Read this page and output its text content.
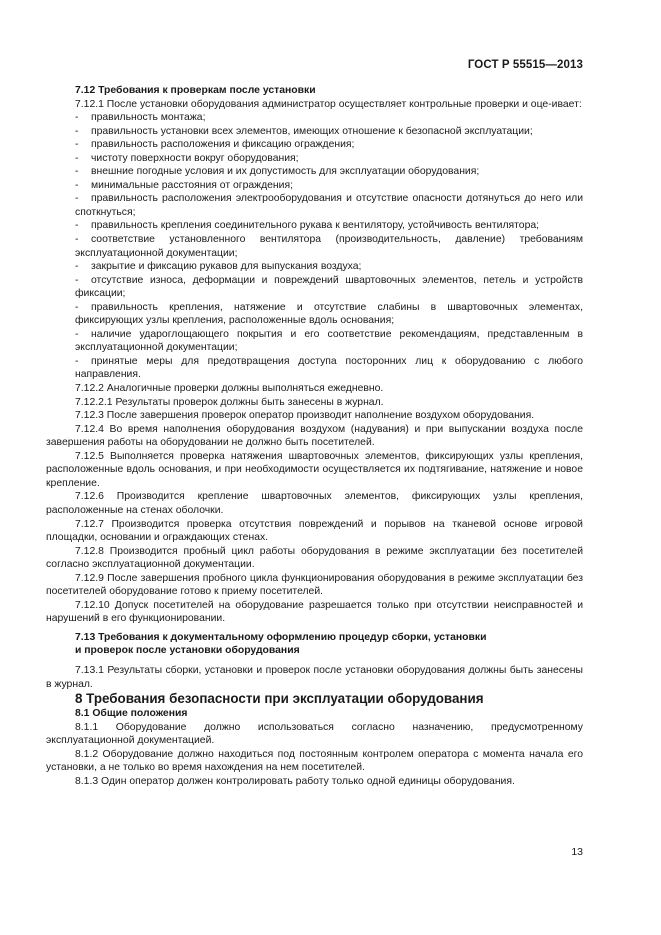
ГОСТ Р 55515—2013

7.12 Требования к проверкам после установки

7.12.1 После установки оборудования администратор осуществляет контрольные проверки и оце-ивает:

- правильность монтажа;

- правильность установки всех элементов, имеющих отношение к безопасной эксплуатации;

- правильность расположения и фиксацию ограждения;

- чистоту поверхности вокруг оборудования;

- внешние погодные условия и их допустимость для эксплуатации оборудования;

- минимальные расстояния от ограждения;

- правильность расположения электрооборудования и отсутствие опасности дотянуться до него или споткнуться;

- правильность крепления соединительного рукава к вентилятору, устойчивость вентилятора;

- соответствие установленного вентилятора (производительность, давление) требованиям эксплуатационной документации;

- закрытие и фиксацию рукавов для выпускания воздуха;

- отсутствие износа, деформации и повреждений швартовочных элементов, петель и устройств фиксации;

- правильность крепления, натяжение и отсутствие слабины в швартовочных элементах, фиксирующих узлы крепления, расположенные вдоль основания;

- наличие удароглощающего покрытия и его соответствие рекомендациям, представленным в эксплуатационной документации;

- принятые меры для предотвращения доступа посторонних лиц к оборудованию с любого направления.

7.12.2 Аналогичные проверки должны выполняться ежедневно.

7.12.2.1 Результаты проверок должны быть занесены в журнал.

7.12.3 После завершения проверок оператор производит наполнение воздухом оборудования.

7.12.4 Во время наполнения оборудования воздухом (надувания) и при выпускании воздуха после завершения работы на оборудовании не должно быть посетителей.

7.12.5 Выполняется проверка натяжения швартовочных элементов, фиксирующих узлы крепления, расположенные вдоль основания, и при необходимости осуществляется их подтягивание, натяжение и новое крепление.

7.12.6 Производится крепление швартовочных элементов, фиксирующих узлы крепления, расположенные на стенах оболочки.

7.12.7 Производится проверка отсутствия повреждений и порывов на тканевой основе игровой площадки, основании и ограждающих стенах.

7.12.8 Производится пробный цикл работы оборудования в режиме эксплуатации без посетителей согласно эксплуатационной документации.

7.12.9 После завершения пробного цикла функционирования оборудования в режиме эксплуатации без посетителей оборудование готово к приему посетителей.

7.12.10 Допуск посетителей на оборудование разрешается только при отсутствии неисправностей и нарушений в его функционировании.

7.13 Требования к документальному оформлению процедур сборки, установки
и проверок после установки оборудования

7.13.1 Результаты сборки, установки и проверок после установки оборудования должны быть занесены в журнал.

8 Требования безопасности при эксплуатации оборудования

8.1 Общие положения

8.1.1 Оборудование должно использоваться согласно назначению, предусмотренному эксплуатационной документацией.

8.1.2 Оборудование должно находиться под постоянным контролем оператора с момента начала его установки, а не только во время нахождения на нем посетителей.

8.1.3 Один оператор должен контролировать работу только одной единицы оборудования.

13
